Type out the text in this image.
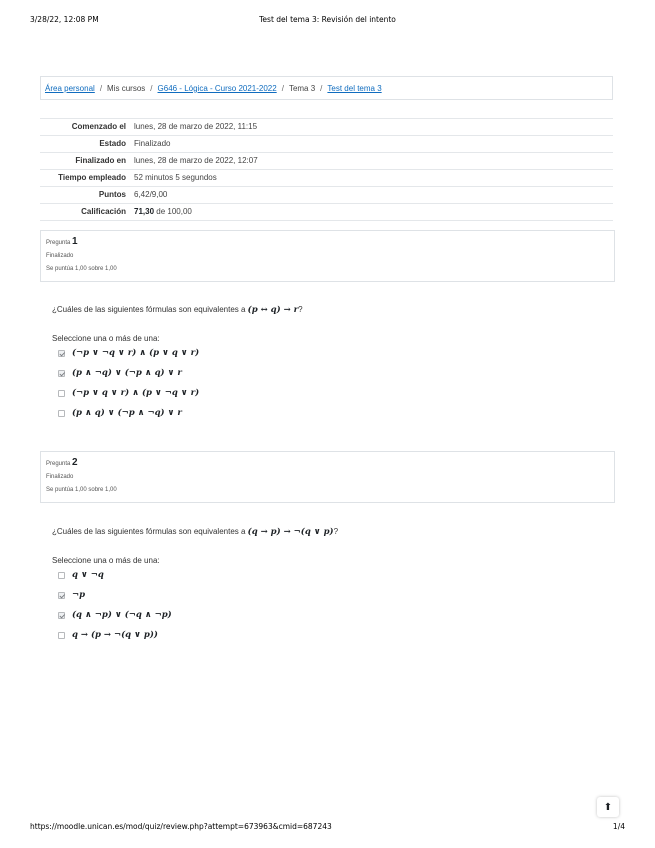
3/28/22, 12:08 PM	Test del tema 3: Revisión del intento
Área personal / Mis cursos / G646 - Lógica - Curso 2021-2022 / Tema 3 / Test del tema 3
Comenzado el	lunes, 28 de marzo de 2022, 11:15
Estado	Finalizado
Finalizado en	lunes, 28 de marzo de 2022, 12:07
Tiempo empleado	52 minutos 5 segundos
Puntos	6,42/9,00
Calificación	71,30 de 100,00
Pregunta 1
Finalizado
Se puntúa 1,00 sobre 1,00
¿Cuáles de las siguientes fórmulas son equivalentes a (p ↔ q) → r?
Seleccione una o más de una:
(¬p ∨ ¬q ∨ r) ∧ (p ∨ q ∨ r)
(p ∧ ¬q) ∨ (¬p ∧ q) ∨ r
(¬p ∨ q ∨ r) ∧ (p ∨ ¬q ∨ r)
(p ∧ q) ∨ (¬p ∧ ¬q) ∨ r
Pregunta 2
Finalizado
Se puntúa 1,00 sobre 1,00
¿Cuáles de las siguientes fórmulas son equivalentes a (q → p) → ¬(q ∨ p)?
Seleccione una o más de una:
q ∨ ¬q
¬p
(q ∧ ¬p) ∨ (¬q ∧ ¬p)
q → (p → ¬(q ∨ p))
⬆
https://moodle.unican.es/mod/quiz/review.php?attempt=673963&cmid=687243	1/4
